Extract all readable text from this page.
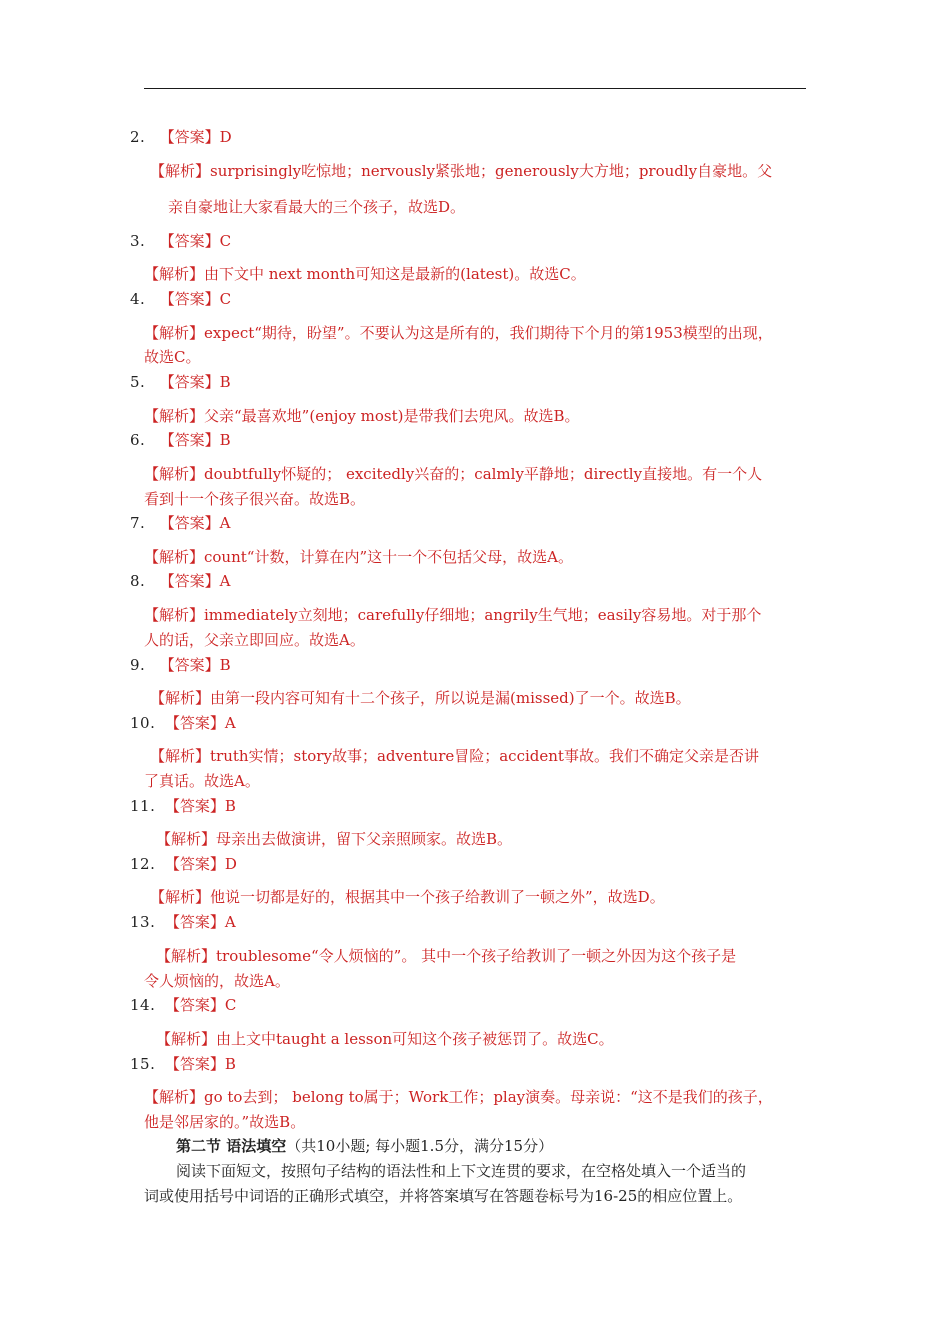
2. 【答案】D
【解析】surprisingly吃惊地；nervously紧张地；generously大方地；proudly自豪地。父
亲自豪地让大家看最大的三个孩子，故选D。
3. 【答案】C
【解析】由下文中 next month可知这是最新的(latest)。故选C。
4. 【答案】C
【解析】expect“期待，盼望”。不要认为这是所有的，我们期待下个月的第1953模型的出现，
故选C。
5. 【答案】B
【解析】父亲“最喜欢地”(enjoy most)是带我们去兜风。故选B。
6. 【答案】B
【解析】doubtfully怀疑的； excitedly兴奋的；calmly平静地；directly直接地。有一个人
看到十一个孩子很兴奋。故选B。
7. 【答案】A
【解析】count“计数，计算在内”这十一个不包括父母，故选A。
8. 【答案】A
【解析】immediately立刻地；carefully仔细地；angrily生气地；easily容易地。对于那个
人的话，父亲立即回应。故选A。
9. 【答案】B
【解析】由第一段内容可知有十二个孩子，所以说是漏(missed)了一个。故选B。
10. 【答案】A
【解析】truth实情；story故事；adventure冒险；accident事故。我们不确定父亲是否讲
了真话。故选A。
11. 【答案】B
【解析】母亲出去做演讲，留下父亲照顾家。故选B。
12. 【答案】D
【解析】他说一切都是好的，根据其中一个孩子给教训了一顿之外”，故选D。
13. 【答案】A
【解析】troublesome“令人烦恼的”。 其中一个孩子给教训了一顿之外因为这个孩子是
令人烦恼的，故选A。
14. 【答案】C
【解析】由上文中taught a lesson可知这个孩子被惩罚了。故选C。
15. 【答案】B
【解析】go to去到； belong to属于；Work工作；play演奏。母亲说：“这不是我们的孩子，
他是邻居家的。”故选B。
第二节 语法填空（共10小题; 每小题1.5分，满分15分）
阅读下面短文，按照句子结构的语法性和上下文连贯的要求，在空格处填入一个适当的
词或使用括号中词语的正确形式填空，并将答案填写在答题卷标号为16-25的相应位置上。
